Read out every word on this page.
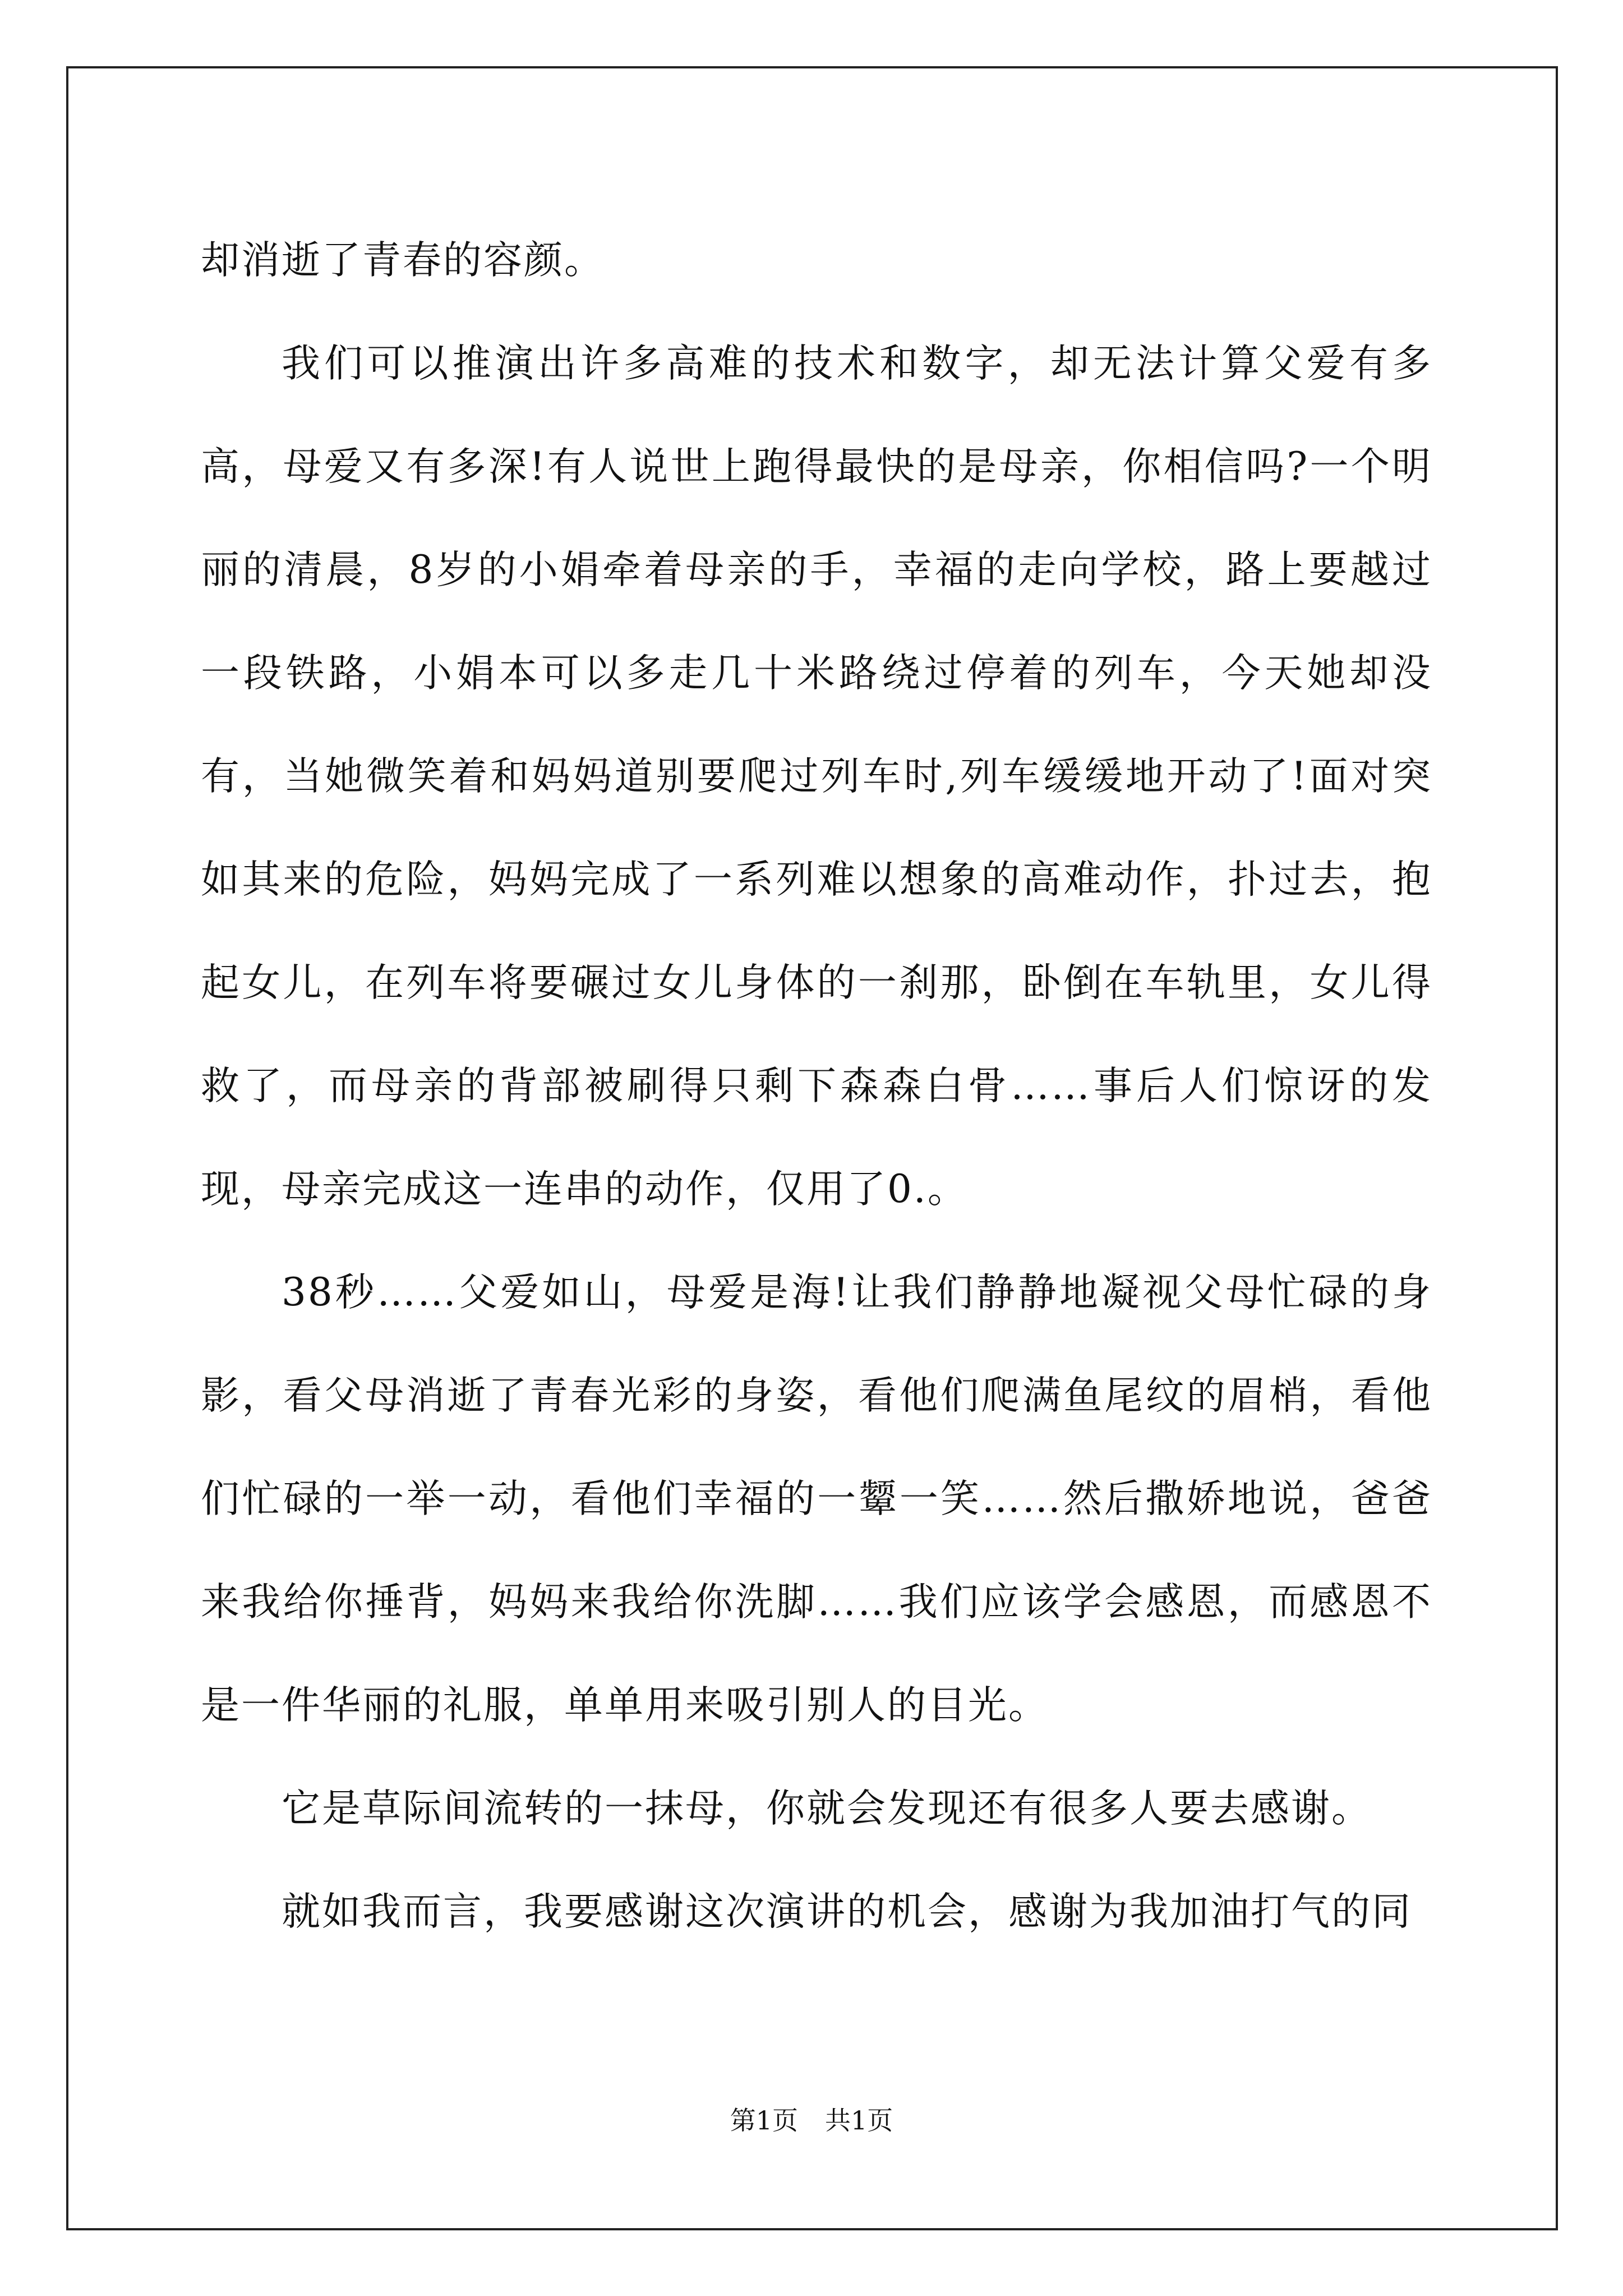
却消逝了青春的容颜。

我们可以推演出许多高难的技术和数字，却无法计算父爱有多高，母爱又有多深!有人说世上跑得最快的是母亲，你相信吗?一个明丽的清晨，8岁的小娟牵着母亲的手，幸福的走向学校，路上要越过一段铁路，小娟本可以多走几十米路绕过停着的列车，今天她却没有，当她微笑着和妈妈道别要爬过列车时,列车缓缓地开动了!面对突如其来的危险，妈妈完成了一系列难以想象的高难动作，扑过去，抱起女儿，在列车将要碾过女儿身体的一刹那，卧倒在车轨里，女儿得救了，而母亲的背部被刷得只剩下森森白骨……事后人们惊讶的发现，母亲完成这一连串的动作，仅用了0.。

38秒……父爱如山，母爱是海!让我们静静地凝视父母忙碌的身影，看父母消逝了青春光彩的身姿，看他们爬满鱼尾纹的眉梢，看他们忙碌的一举一动，看他们幸福的一颦一笑……然后撒娇地说，爸爸来我给你捶背，妈妈来我给你洗脚……我们应该学会感恩，而感恩不是一件华丽的礼服，单单用来吸引别人的目光。

它是草际间流转的一抹母，你就会发现还有很多人要去感谢。

就如我而言，我要感谢这次演讲的机会，感谢为我加油打气的同

第1页 共1页
